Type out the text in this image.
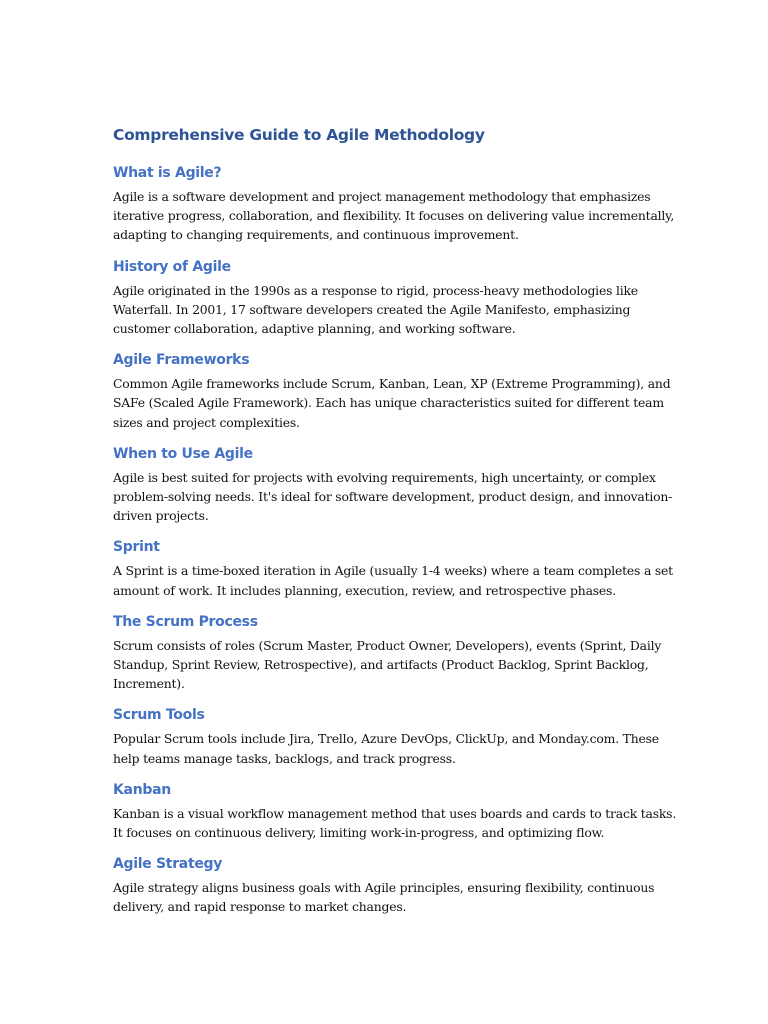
Comprehensive Guide to Agile Methodology
What is Agile?
Agile is a software development and project management methodology that emphasizes
iterative progress, collaboration, and flexibility. It focuses on delivering value incrementally,
adapting to changing requirements, and continuous improvement.
History of Agile
Agile originated in the 1990s as a response to rigid, process-heavy methodologies like
Waterfall. In 2001, 17 software developers created the Agile Manifesto, emphasizing
customer collaboration, adaptive planning, and working software.
Agile Frameworks
Common Agile frameworks include Scrum, Kanban, Lean, XP (Extreme Programming), and
SAFe (Scaled Agile Framework). Each has unique characteristics suited for different team
sizes and project complexities.
When to Use Agile
Agile is best suited for projects with evolving requirements, high uncertainty, or complex
problem-solving needs. It's ideal for software development, product design, and innovation-
driven projects.
Sprint
A Sprint is a time-boxed iteration in Agile (usually 1-4 weeks) where a team completes a set
amount of work. It includes planning, execution, review, and retrospective phases.
The Scrum Process
Scrum consists of roles (Scrum Master, Product Owner, Developers), events (Sprint, Daily
Standup, Sprint Review, Retrospective), and artifacts (Product Backlog, Sprint Backlog,
Increment).
Scrum Tools
Popular Scrum tools include Jira, Trello, Azure DevOps, ClickUp, and Monday.com. These
help teams manage tasks, backlogs, and track progress.
Kanban
Kanban is a visual workflow management method that uses boards and cards to track tasks.
It focuses on continuous delivery, limiting work-in-progress, and optimizing flow.
Agile Strategy
Agile strategy aligns business goals with Agile principles, ensuring flexibility, continuous
delivery, and rapid response to market changes.
